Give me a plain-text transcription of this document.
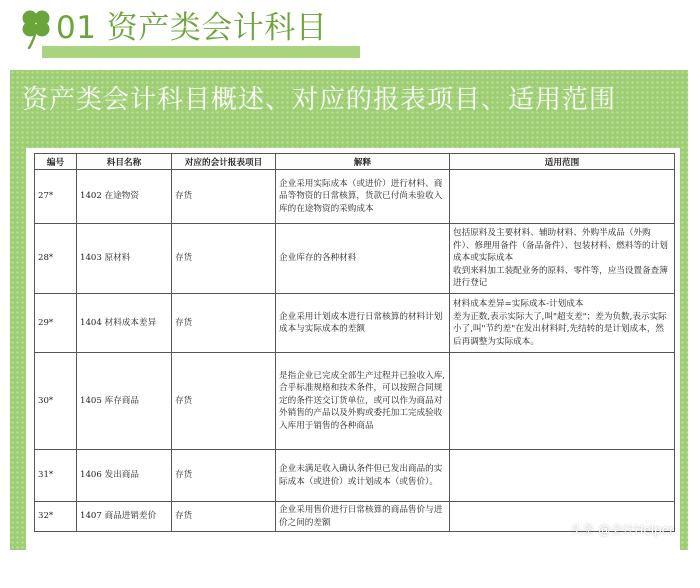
01 资产类会计科目
资产类会计科目概述、对应的报表项目、适用范围
编号	科目名称	对应的会计报表项目	解释	适用范围
27*	1402 在途物资	存货	企业采用实际成本（或进价）进行材料、商品等物资的日常核算，货款已付尚未验收入库的在途物资的采购成本	
28*	1403 原材料	存货	企业库存的各种材料	包括原料及主要材料、辅助材料、外购半成品（外购件）、修理用备件（备品备件）、包装材料、燃料等的计划成本或实际成本
收到来料加工装配业务的原料、零件等，应当设置备查簿进行登记
29*	1404 材料成本差异	存货	企业采用计划成本进行日常核算的材料计划成本与实际成本的差额	材料成本差异=实际成本-计划成本
差为正数,表示实际大了,叫"超支差"；差为负数,表示实际小了,叫"节约差"在发出材料时,先结转的是计划成本，然后再调整为实际成本。
30*	1405 库存商品	存货	是指企业已完成全部生产过程并已验收入库,合乎标准规格和技术条件，可以按照合同规定的条件送交订货单位，或可以作为商品对外销售的产品以及外购或委托加工完成验收入库用于销售的各种商品	
31*	1406 发出商品	存货	企业未满足收入确认条件但已发出商品的实际成本（或进价）或计划成本（或售价）。	
32*	1407 商品进销差价	存货	企业采用售价进行日常核算的商品售价与进价之间的差额	
头条 @会计Helper
